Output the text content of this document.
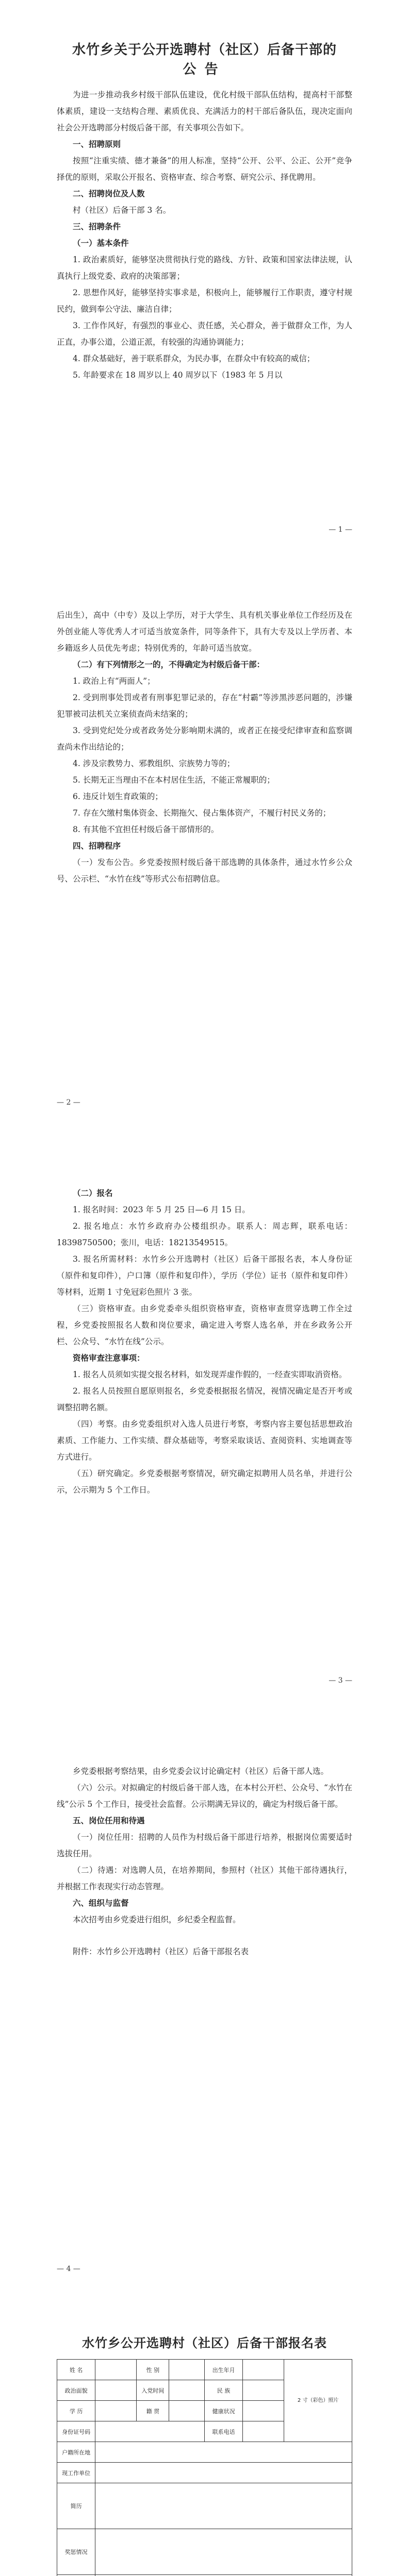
水竹乡关于公开选聘村（社区）后备干部的
公告

为进一步推动我乡村级干部队伍建设，优化村级干部队伍结构，提高村干部整体素质，建设一支结构合理、素质优良、充满活力的村干部后备队伍，现决定面向社会公开选聘部分村级后备干部，有关事项公告如下。

一、招聘原则

按照“注重实绩、德才兼备”的用人标准，坚持“公开、公平、公正、公开”竞争择优的原则，采取公开报名、资格审查、综合考察、研究公示、择优聘用。

二、招聘岗位及人数

村（社区）后备干部 3 名。

三、招聘条件

（一）基本条件

1. 政治素质好，能够坚决贯彻执行党的路线、方针、政策和国家法律法规，认真执行上级党委、政府的决策部署；

2. 思想作风好，能够坚持实事求是，积极向上，能够履行工作职责，遵守村规民约，做到奉公守法、廉洁自律；

3. 工作作风好，有强烈的事业心、责任感，关心群众，善于做群众工作，为人正直，办事公道，公道正派，有较强的沟通协调能力；

4. 群众基础好，善于联系群众，为民办事，在群众中有较高的威信；

5. 年龄要求在 18 周岁以上 40 周岁以下（1983 年 5 月以

— 1 —

后出生），高中（中专）及以上学历，对于大学生、具有机关事业单位工作经历及在外创业能人等优秀人才可适当放宽条件，同等条件下，具有大专及以上学历者、本乡籍返乡人员优先考虑；特别优秀的，年龄可适当放宽。

（二）有下列情形之一的，不得确定为村级后备干部：

1. 政治上有“两面人”；

2. 受到刑事处罚或者有刑事犯罪记录的，存在“村霸”等涉黑涉恶问题的，涉嫌犯罪被司法机关立案侦查尚未结案的；

3. 受到党纪处分或者政务处分影响期未满的，或者正在接受纪律审查和监察调查尚未作出结论的；

4. 涉及宗教势力、邪教组织、宗族势力等的；

5. 长期无正当理由不在本村居住生活，不能正常履职的；

6. 违反计划生育政策的；

7. 存在欠缴村集体资金、长期拖欠、侵占集体资产，不履行村民义务的；

8. 有其他不宜担任村级后备干部情形的。

四、招聘程序

（一）发布公告。乡党委按照村级后备干部选聘的具体条件，通过水竹乡公众号、公示栏、“水竹在线”等形式公布招聘信息。

— 2 —

（二）报名

1. 报名时间：2023 年 5 月 25 日—6 月 15 日。

2. 报名地点：水竹乡政府办公楼组织办。联系人：周志辉，联系电话：18398750500；张川，电话：18213549515。

3. 报名所需材料：水竹乡公开选聘村（社区）后备干部报名表，本人身份证（原件和复印件），户口簿（原件和复印件），学历（学位）证书（原件和复印件）等材料，近期 1 寸免冠彩色照片 3 张。

（三）资格审查。由乡党委牵头组织资格审查，资格审查贯穿选聘工作全过程，乡党委按照报名人数和岗位要求，确定进入考察人选名单，并在乡政务公开栏、公众号、“水竹在线”公示。

资格审查注意事项：

1. 报名人员须如实提交报名材料，如发现弄虚作假的，一经查实即取消资格。

2. 报名人员按照自愿原则报名，乡党委根据报名情况，视情况确定是否开考或调整招聘名额。

（四）考察。由乡党委组织对入选人员进行考察，考察内容主要包括思想政治素质、工作能力、工作实绩、群众基础等，考察采取谈话、查阅资料、实地调查等方式进行。

（五）研究确定。乡党委根据考察情况，研究确定拟聘用人员名单，并进行公示，公示期为 5 个工作日。

— 3 —

乡党委根据考察结果，由乡党委会议讨论确定村（社区）后备干部人选。

（六）公示。对拟确定的村级后备干部人选，在本村公开栏、公众号、“水竹在线”公示 5 个工作日，接受社会监督。公示期满无异议的，确定为村级后备干部。

五、岗位任用和待遇

（一）岗位任用：招聘的人员作为村级后备干部进行培养，根据岗位需要适时选拔任用。

（二）待遇：对选聘人员，在培养期间，参照村（社区）其他干部待遇执行，并根据工作表现实行动态管理。

六、组织与监督

本次招考由乡党委进行组织，乡纪委全程监督。

附件：水竹乡公开选聘村（社区）后备干部报名表

— 4 —
水竹乡公开选聘村（社区）后备干部报名表
姓 名		性 别		出生年月		2 寸（彩色）照片
政治面貌		入党时间		民 族		
学 历		籍 贯		健康状况		
身份证号码				联系电话		
户籍所在地						
现工作单位						
简历						
奖惩情况						
